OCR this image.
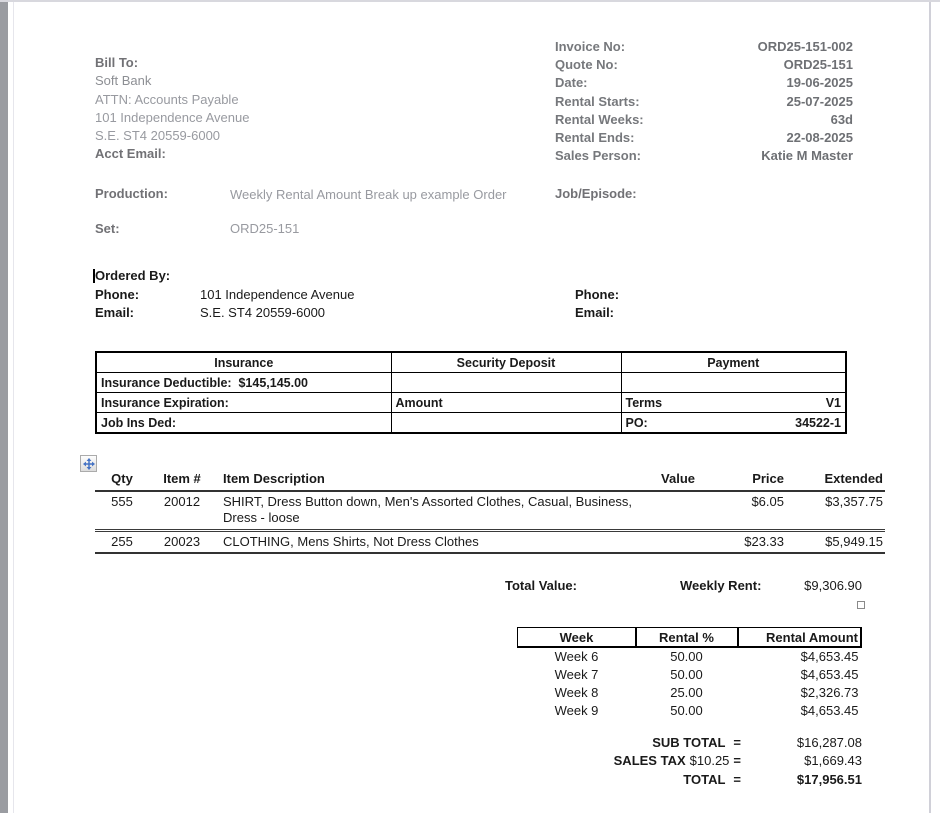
Bill To:
Soft Bank
ATTN: Accounts Payable
101 Independence Avenue
S.E. ST4 20559-6000
Acct Email:
Invoice No:	ORD25-151-002
Quote No:	ORD25-151
Date:	19-06-2025
Rental Starts:	25-07-2025
Rental Weeks:	63d
Rental Ends:	22-08-2025
Sales Person:	Katie M Master
Production:	Weekly Rental Amount Break up example Order	Job/Episode:
Set:	ORD25-151
Ordered By:
Phone:	101 Independence Avenue
Email:	S.E. ST4 20559-6000
Phone:
Email:
Insurance	Security Deposit	Payment
Insurance Deductible: $145,145.00		
Insurance Expiration:	Amount	Terms V1

Job Ins Ded:		PO: 34522-1
Qty	Item #	Item Description	Value	Price	Extended
555	20012	SHIRT, Dress Button down, Men's Assorted Clothes, Casual, Business, Dress - loose		$6.05	$3,357.75
255	20023	CLOTHING, Mens Shirts, Not Dress Clothes		$23.33	$5,949.15
Total Value:	Weekly Rent:	$9,306.90
Week	Rental %	Rental Amount
Week 6	50.00	$4,653.45
Week 7	50.00	$4,653.45
Week 8	25.00	$2,326.73
Week 9	50.00	$4,653.45
SUB TOTAL =	$16,287.08
SALES TAX $10.25 =	$1,669.43
TOTAL =	$17,956.51
